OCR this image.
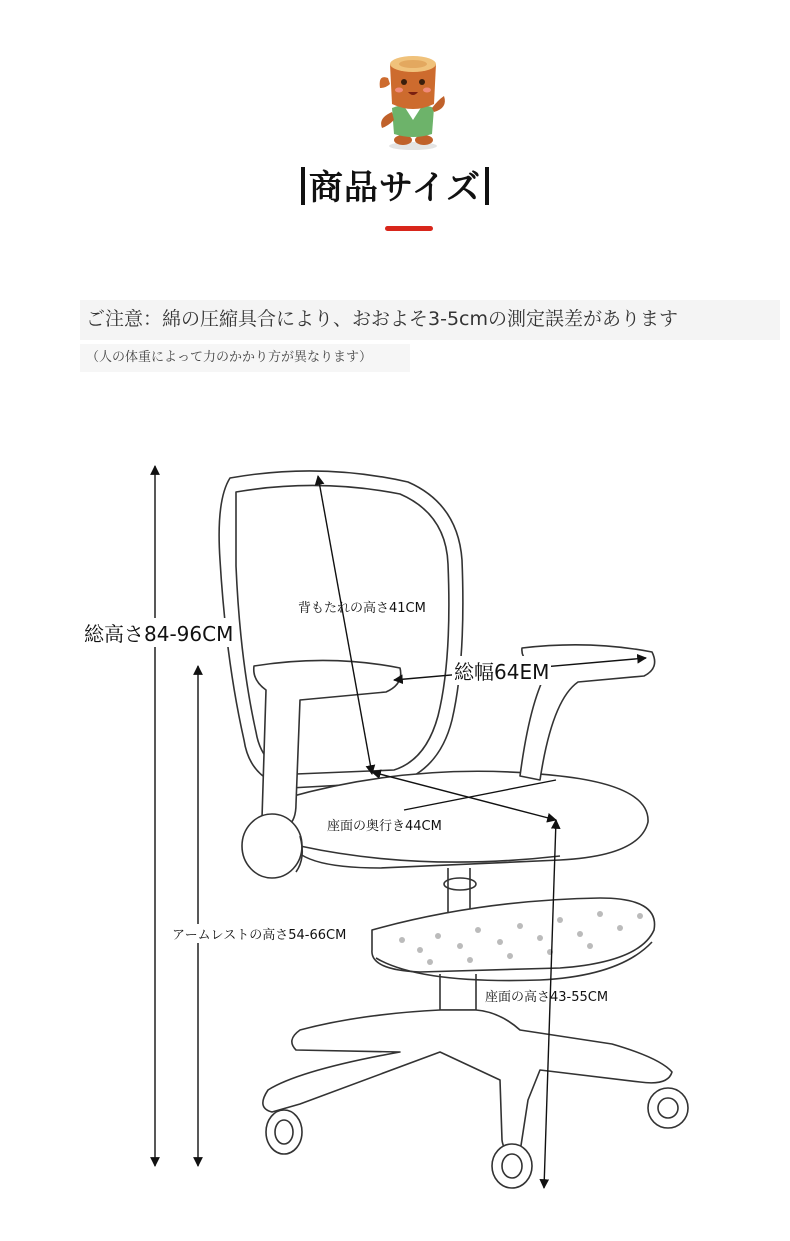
商品サイズ
ご注意：綿の圧縮具合により、おおよそ3-5cmの測定誤差があります
（人の体重によって力のかかり方が異なります）
総高さ84-96CM
背もたれの高さ41CM
総幅64EM
座面の奥行き44CM
アームレストの高さ54-66CM
座面の高さ43-55CM
